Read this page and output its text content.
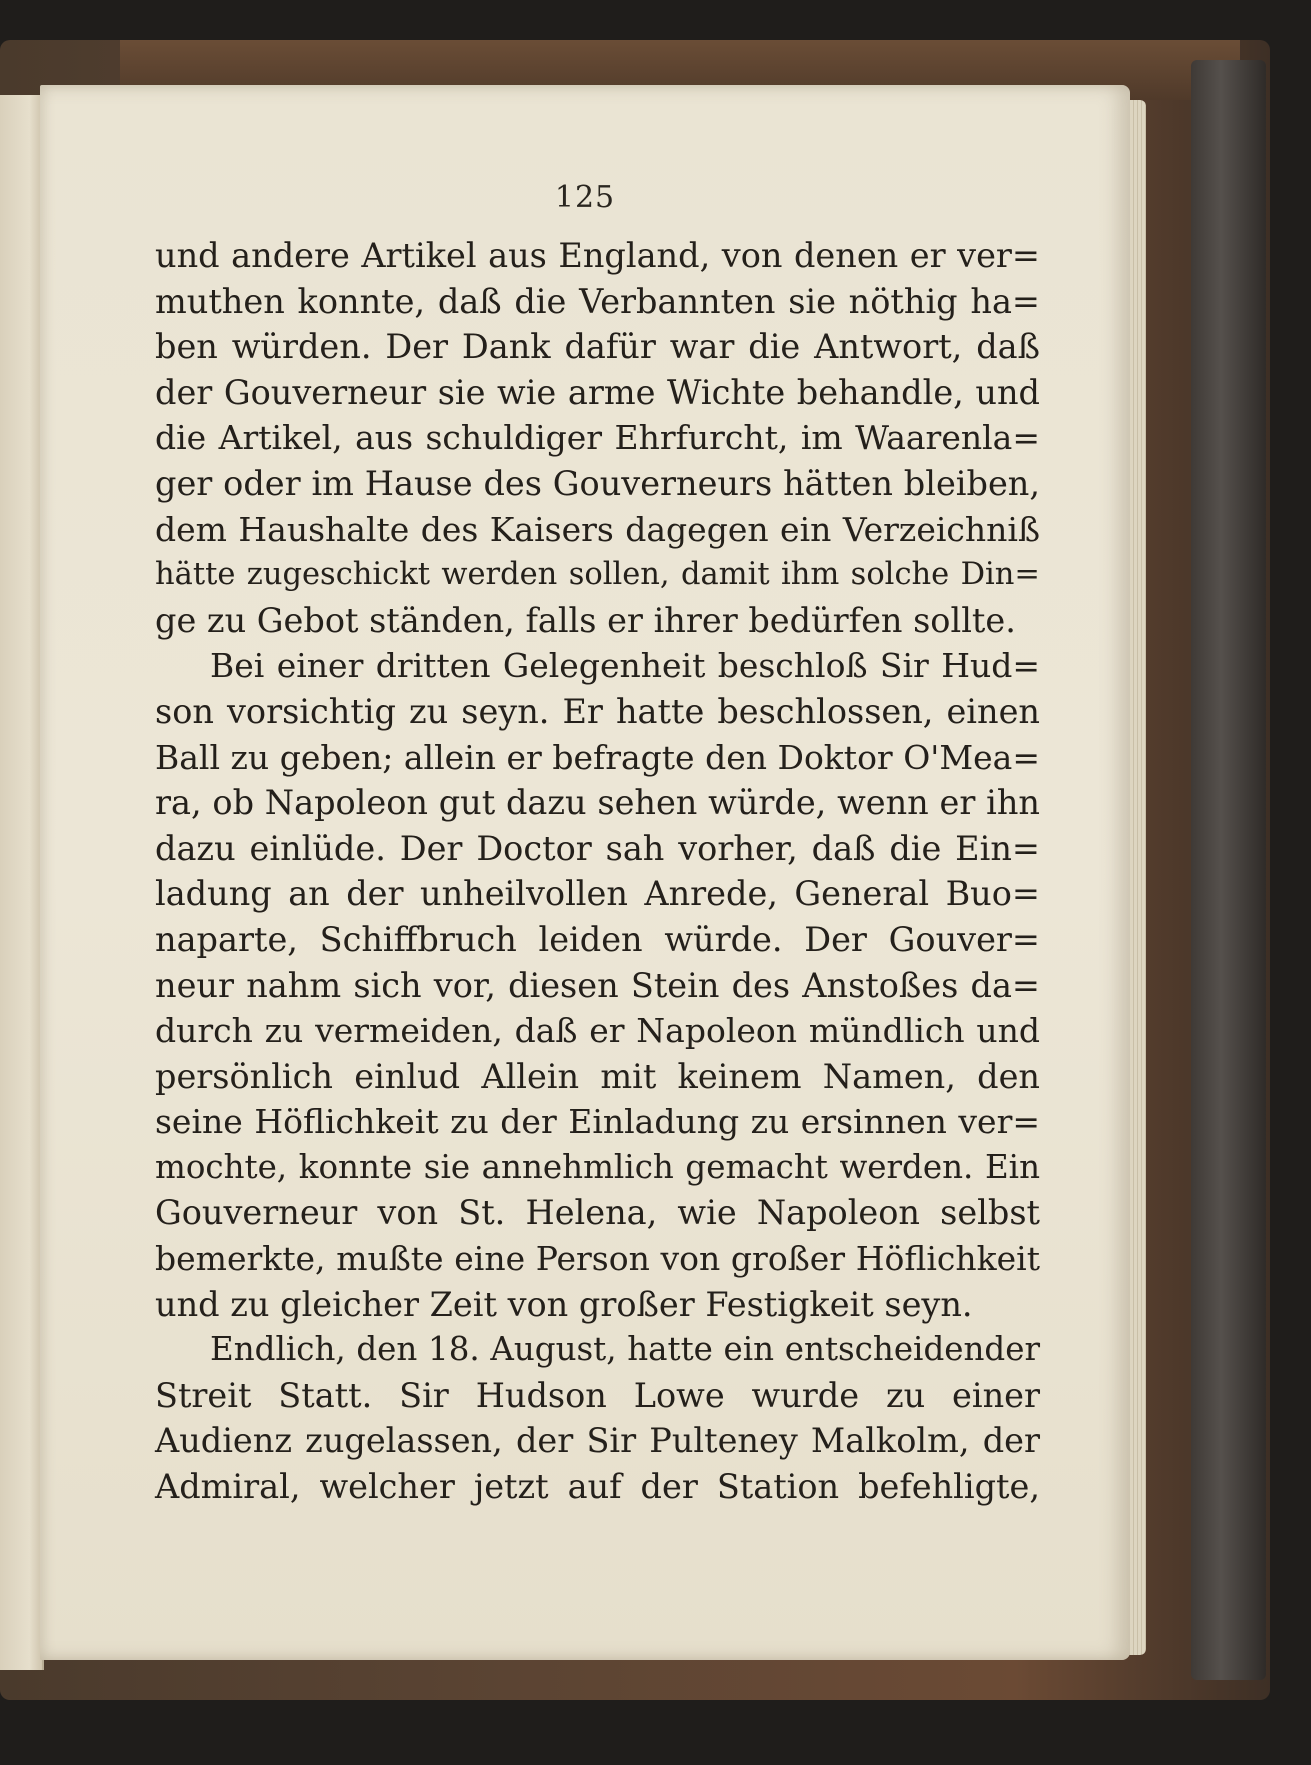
125
und andere Artikel aus England, von denen er ver=
muthen konnte, daß die Verbannten sie nöthig ha=
ben würden. Der Dank dafür war die Antwort, daß
der Gouverneur sie wie arme Wichte behandle, und
die Artikel, aus schuldiger Ehrfurcht, im Waarenla=
ger oder im Hause des Gouverneurs hätten bleiben,
dem Haushalte des Kaisers dagegen ein Verzeichniß
hätte zugeschickt werden sollen, damit ihm solche Din=
ge zu Gebot ständen, falls er ihrer bedürfen sollte.
Bei einer dritten Gelegenheit beschloß Sir Hud=
son vorsichtig zu seyn. Er hatte beschlossen, einen
Ball zu geben; allein er befragte den Doktor O'Mea=
ra, ob Napoleon gut dazu sehen würde, wenn er ihn
dazu einlüde. Der Doctor sah vorher, daß die Ein=
ladung an der unheilvollen Anrede, General Buo=
naparte, Schiffbruch leiden würde. Der Gouver=
neur nahm sich vor, diesen Stein des Anstoßes da=
durch zu vermeiden, daß er Napoleon mündlich und
persönlich einlud Allein mit keinem Namen, den
seine Höflichkeit zu der Einladung zu ersinnen ver=
mochte, konnte sie annehmlich gemacht werden. Ein
Gouverneur von St. Helena, wie Napoleon selbst
bemerkte, mußte eine Person von großer Höflichkeit
und zu gleicher Zeit von großer Festigkeit seyn.
Endlich, den 18. August, hatte ein entscheidender
Streit Statt. Sir Hudson Lowe wurde zu einer
Audienz zugelassen, der Sir Pulteney Malkolm, der
Admiral, welcher jetzt auf der Station befehligte,
